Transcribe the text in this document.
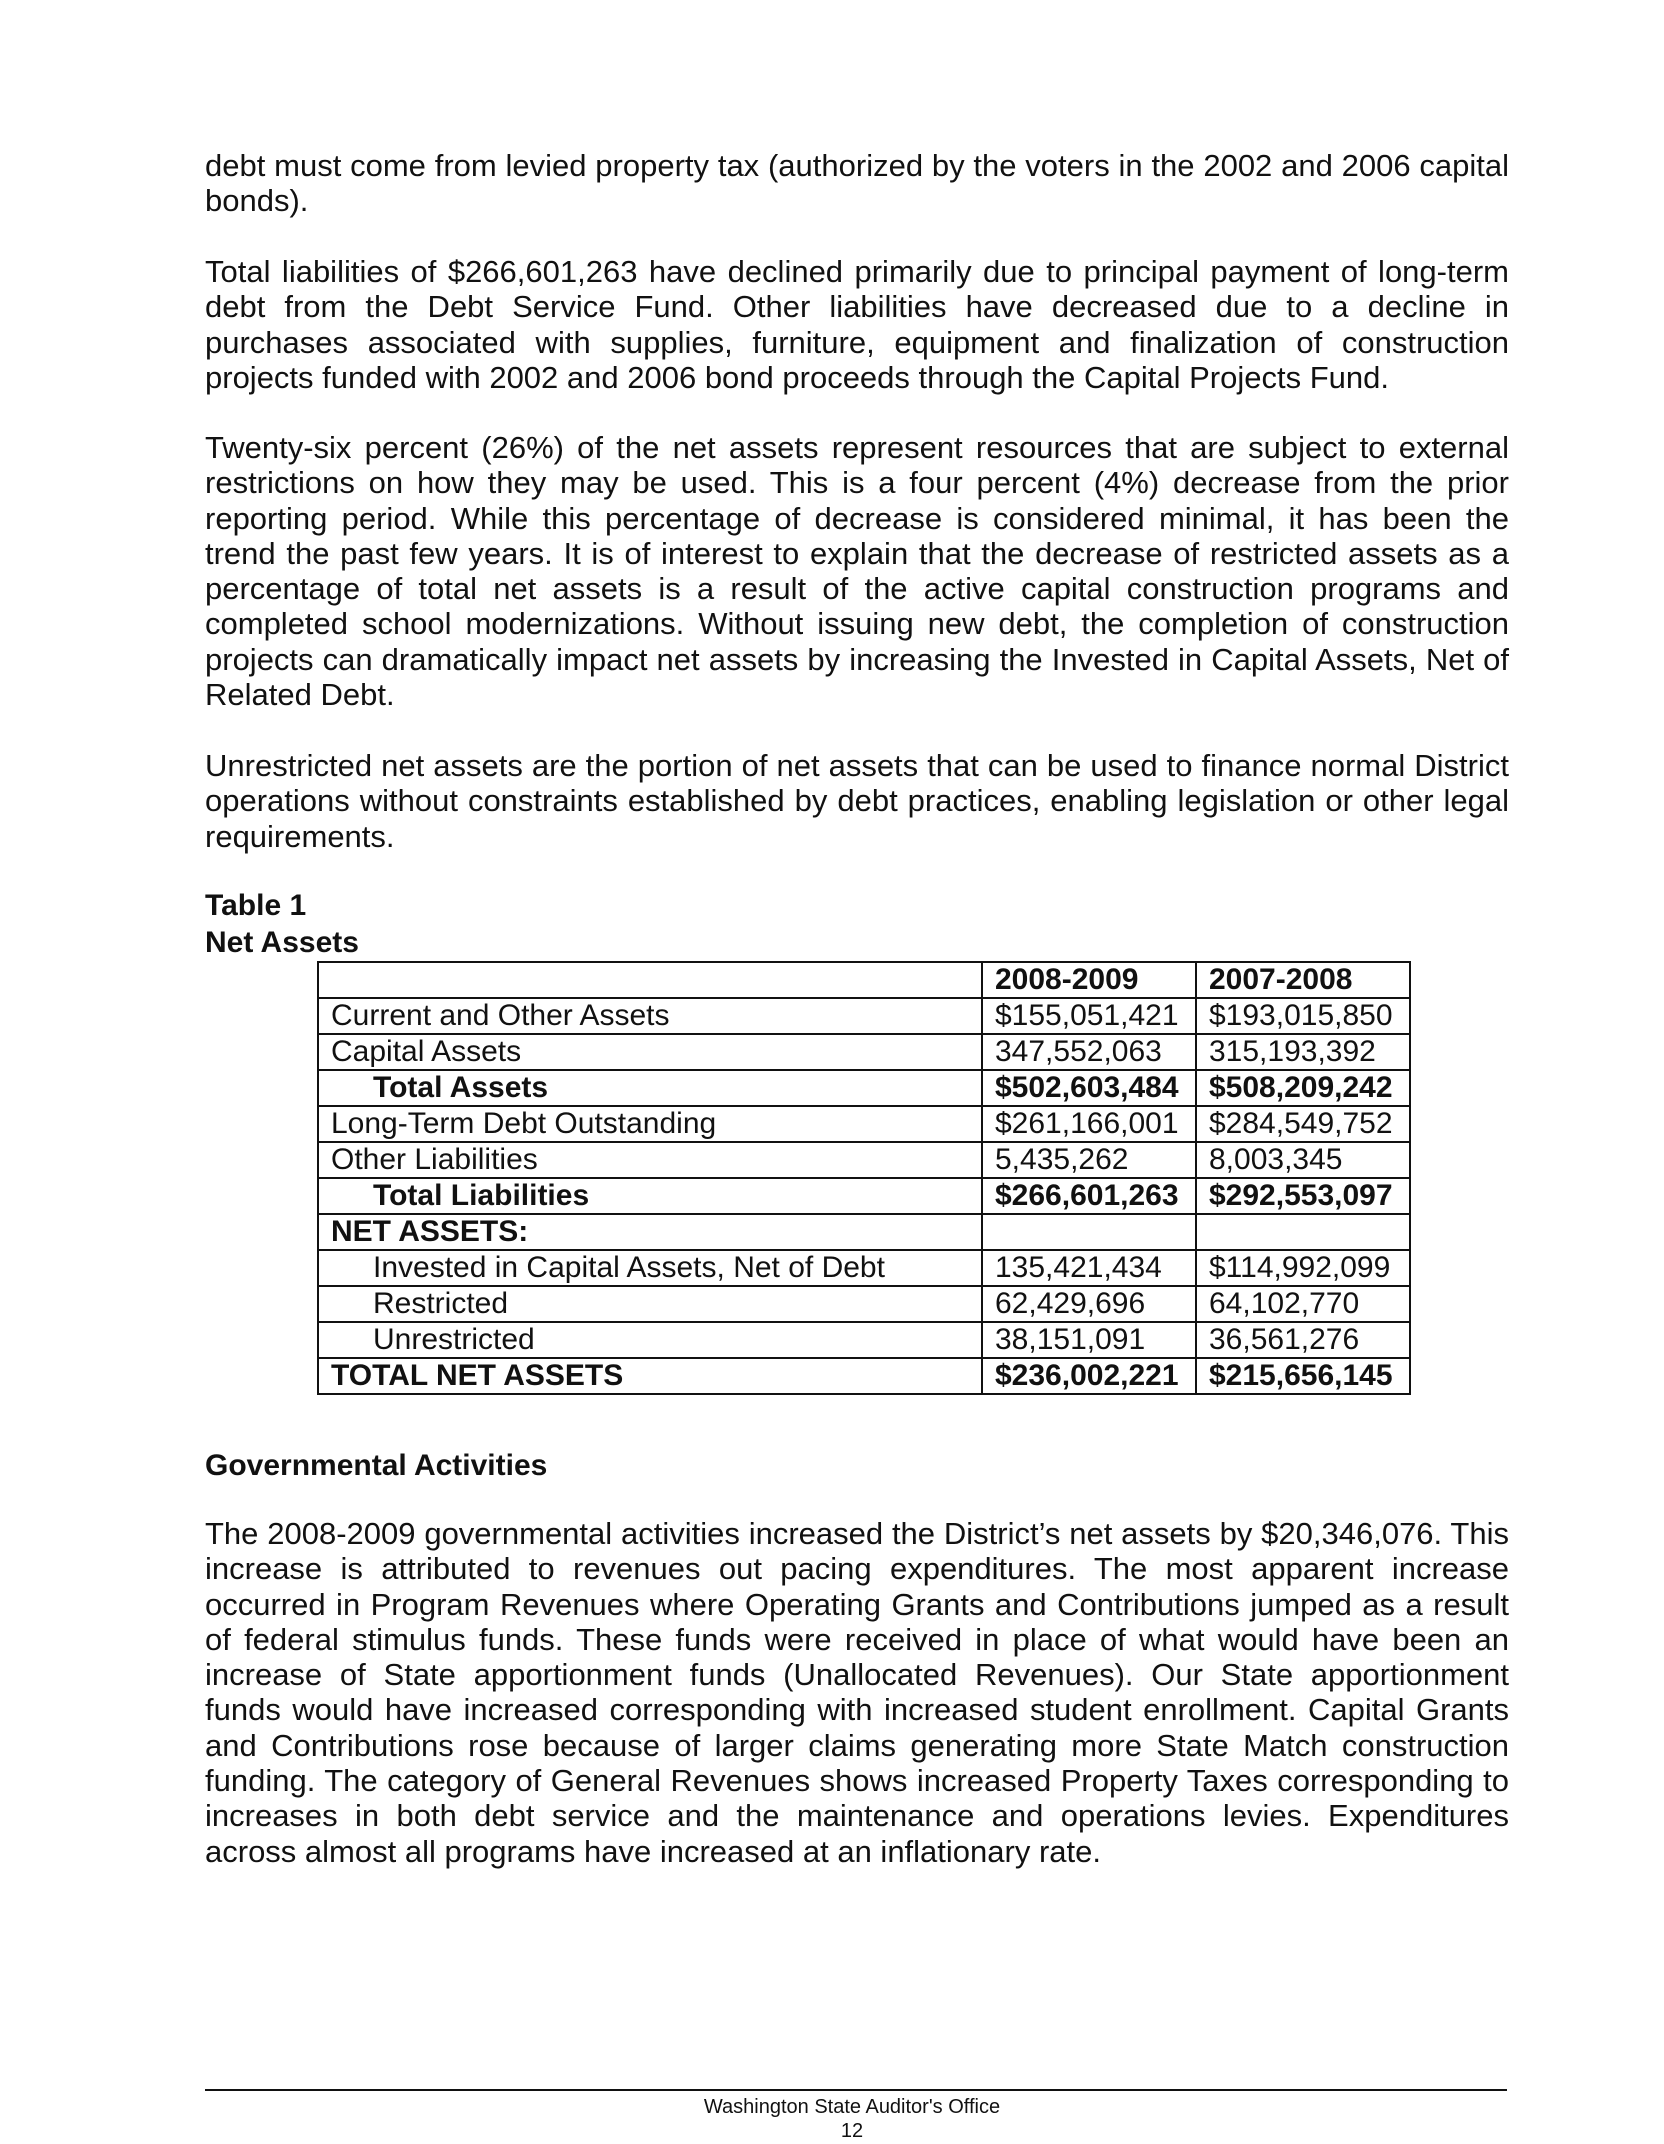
debt must come from levied property tax (authorized by the voters in the 2002 and 2006 capital bonds).

Total liabilities of $266,601,263 have declined primarily due to principal payment of long-term debt from the Debt Service Fund. Other liabilities have decreased due to a decline in purchases associated with supplies, furniture, equipment and finalization of construction projects funded with 2002 and 2006 bond proceeds through the Capital Projects Fund.

Twenty-six percent (26%) of the net assets represent resources that are subject to external restrictions on how they may be used. This is a four percent (4%) decrease from the prior reporting period. While this percentage of decrease is considered minimal, it has been the trend the past few years. It is of interest to explain that the decrease of restricted assets as a percentage of total net assets is a result of the active capital construction programs and completed school modernizations. Without issuing new debt, the completion of construction projects can dramatically impact net assets by increasing the Invested in Capital Assets, Net of Related Debt.

Unrestricted net assets are the portion of net assets that can be used to finance normal District operations without constraints established by debt practices, enabling legislation or other legal requirements.

Table 1
Net Assets
	2008-2009	2007-2008
Current and Other Assets	$155,051,421	$193,015,850
Capital Assets	347,552,063	315,193,392
Total Assets	$502,603,484	$508,209,242
Long-Term Debt Outstanding	$261,166,001	$284,549,752
Other Liabilities	5,435,262	8,003,345
Total Liabilities	$266,601,263	$292,553,097
NET ASSETS:		
Invested in Capital Assets, Net of Debt	135,421,434	$114,992,099
Restricted	62,429,696	64,102,770
Unrestricted	38,151,091	36,561,276
TOTAL NET ASSETS	$236,002,221	$215,656,145
Governmental Activities

The 2008-2009 governmental activities increased the District’s net assets by $20,346,076. This increase is attributed to revenues out pacing expenditures. The most apparent increase occurred in Program Revenues where Operating Grants and Contributions jumped as a result of federal stimulus funds. These funds were received in place of what would have been an increase of State apportionment funds (Unallocated Revenues). Our State apportionment funds would have increased corresponding with increased student enrollment. Capital Grants and Contributions rose because of larger claims generating more State Match construction funding. The category of General Revenues shows increased Property Taxes corresponding to increases in both debt service and the maintenance and operations levies. Expenditures across almost all programs have increased at an inflationary rate.

Washington State Auditor's Office
12
